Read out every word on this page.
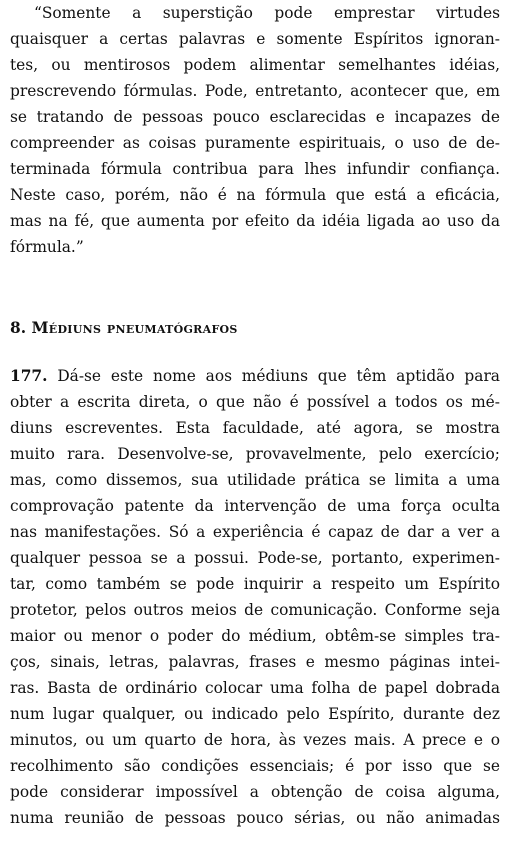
“Somente a superstição pode emprestar virtudes
quaisquer a certas palavras e somente Espíritos ignoran-
tes, ou mentirosos podem alimentar semelhantes idéias,
prescrevendo fórmulas. Pode, entretanto, acontecer que, em
se tratando de pessoas pouco esclarecidas e incapazes de
compreender as coisas puramente espirituais, o uso de de-
terminada fórmula contribua para lhes infundir confiança.
Neste caso, porém, não é na fórmula que está a eficácia,
mas na fé, que aumenta por efeito da idéia ligada ao uso da
fórmula.”
8. Médiuns pneumatógrafos
177. Dá-se este nome aos médiuns que têm aptidão para
obter a escrita direta, o que não é possível a todos os mé-
diuns escreventes. Esta faculdade, até agora, se mostra
muito rara. Desenvolve-se, provavelmente, pelo exercício;
mas, como dissemos, sua utilidade prática se limita a uma
comprovação patente da intervenção de uma força oculta
nas manifestações. Só a experiência é capaz de dar a ver a
qualquer pessoa se a possui. Pode-se, portanto, experimen-
tar, como também se pode inquirir a respeito um Espírito
protetor, pelos outros meios de comunicação. Conforme seja
maior ou menor o poder do médium, obtêm-se simples tra-
ços, sinais, letras, palavras, frases e mesmo páginas intei-
ras. Basta de ordinário colocar uma folha de papel dobrada
num lugar qualquer, ou indicado pelo Espírito, durante dez
minutos, ou um quarto de hora, às vezes mais. A prece e o
recolhimento são condições essenciais; é por isso que se
pode considerar impossível a obtenção de coisa alguma,
numa reunião de pessoas pouco sérias, ou não animadas
